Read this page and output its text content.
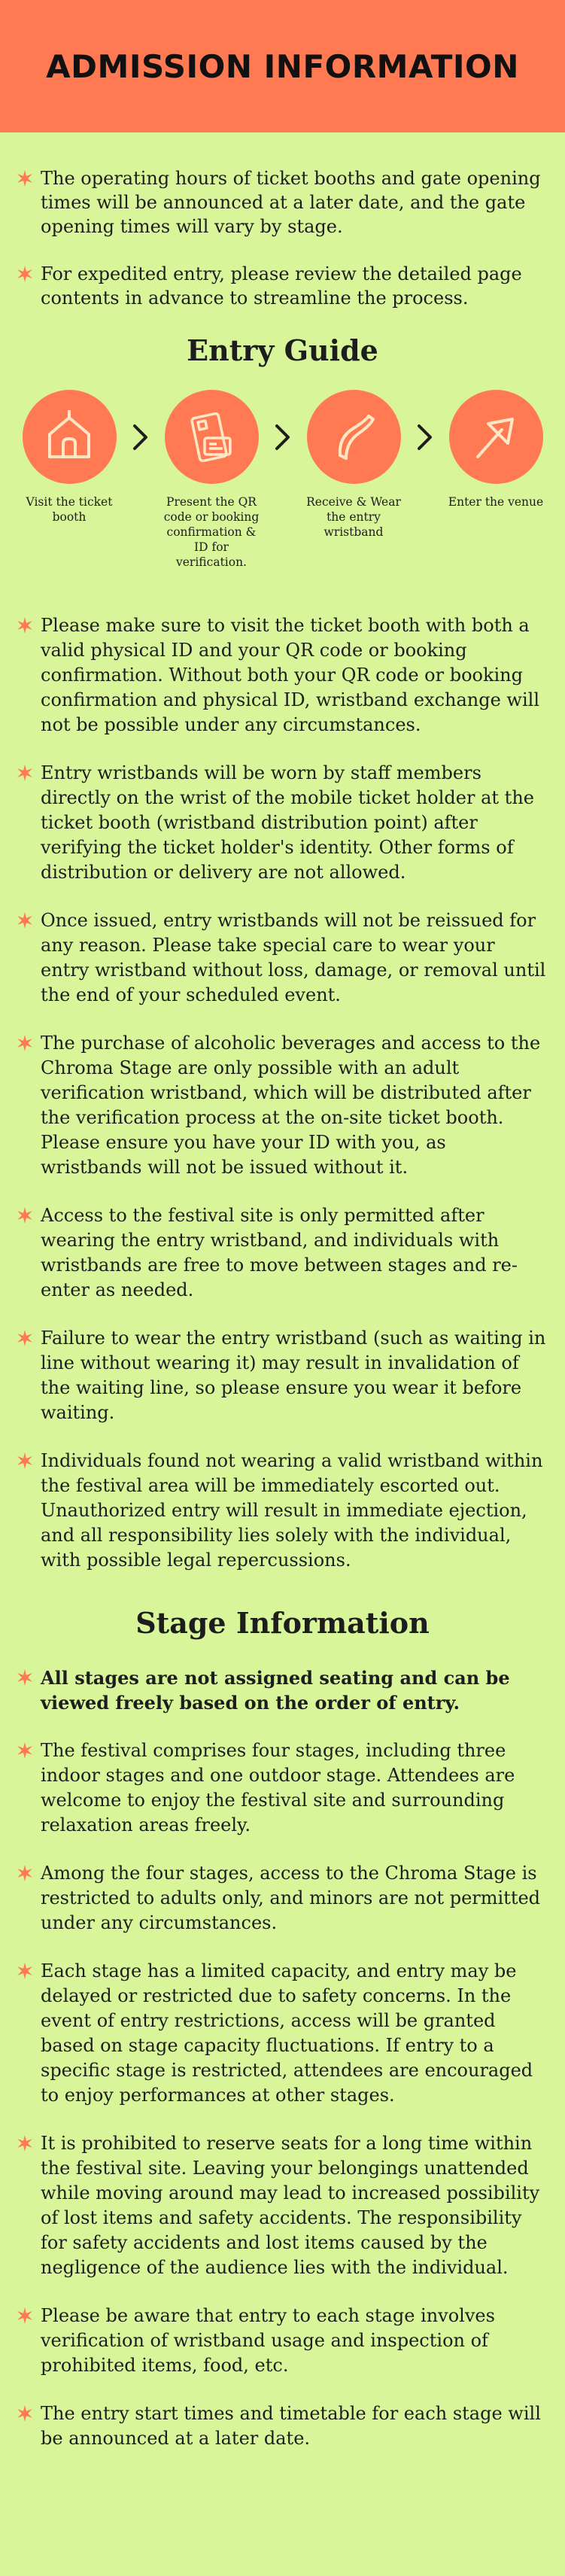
ADMISSION INFORMATION
The operating hours of ticket booths and gate opening times will be announced at a later date, and the gate opening times will vary by stage.
For expedited entry, please review the detailed page contents in advance to streamline the process.
Entry Guide
Visit the ticket booth
Present the QR code or booking confirmation & ID for verification.
Receive & Wear the entry wristband
Enter the venue
Please make sure to visit the ticket booth with both a valid physical ID and your QR code or booking confirmation. Without both your QR code or booking confirmation and physical ID, wristband exchange will not be possible under any circumstances.
Entry wristbands will be worn by staff members directly on the wrist of the mobile ticket holder at the ticket booth (wristband distribution point) after verifying the ticket holder's identity. Other forms of distribution or delivery are not allowed.
Once issued, entry wristbands will not be reissued for any reason. Please take special care to wear your entry wristband without loss, damage, or removal until the end of your scheduled event.
The purchase of alcoholic beverages and access to the Chroma Stage are only possible with an adult verification wristband, which will be distributed after the verification process at the on-site ticket booth. Please ensure you have your ID with you, as wristbands will not be issued without it.
Access to the festival site is only permitted after wearing the entry wristband, and individuals with wristbands are free to move between stages and re-enter as needed.
Failure to wear the entry wristband (such as waiting in line without wearing it) may result in invalidation of the waiting line, so please ensure you wear it before waiting.
Individuals found not wearing a valid wristband within the festival area will be immediately escorted out. Unauthorized entry will result in immediate ejection, and all responsibility lies solely with the individual, with possible legal repercussions.
Stage Information
All stages are not assigned seating and can be viewed freely based on the order of entry.
The festival comprises four stages, including three indoor stages and one outdoor stage. Attendees are welcome to enjoy the festival site and surrounding relaxation areas freely.
Among the four stages, access to the Chroma Stage is restricted to adults only, and minors are not permitted under any circumstances.
Each stage has a limited capacity, and entry may be delayed or restricted due to safety concerns. In the event of entry restrictions, access will be granted based on stage capacity fluctuations. If entry to a specific stage is restricted, attendees are encouraged to enjoy performances at other stages.
It is prohibited to reserve seats for a long time within the festival site. Leaving your belongings unattended while moving around may lead to increased possibility of lost items and safety accidents. The responsibility for safety accidents and lost items caused by the negligence of the audience lies with the individual.
Please be aware that entry to each stage involves verification of wristband usage and inspection of prohibited items, food, etc.
The entry start times and timetable for each stage will be announced at a later date.
